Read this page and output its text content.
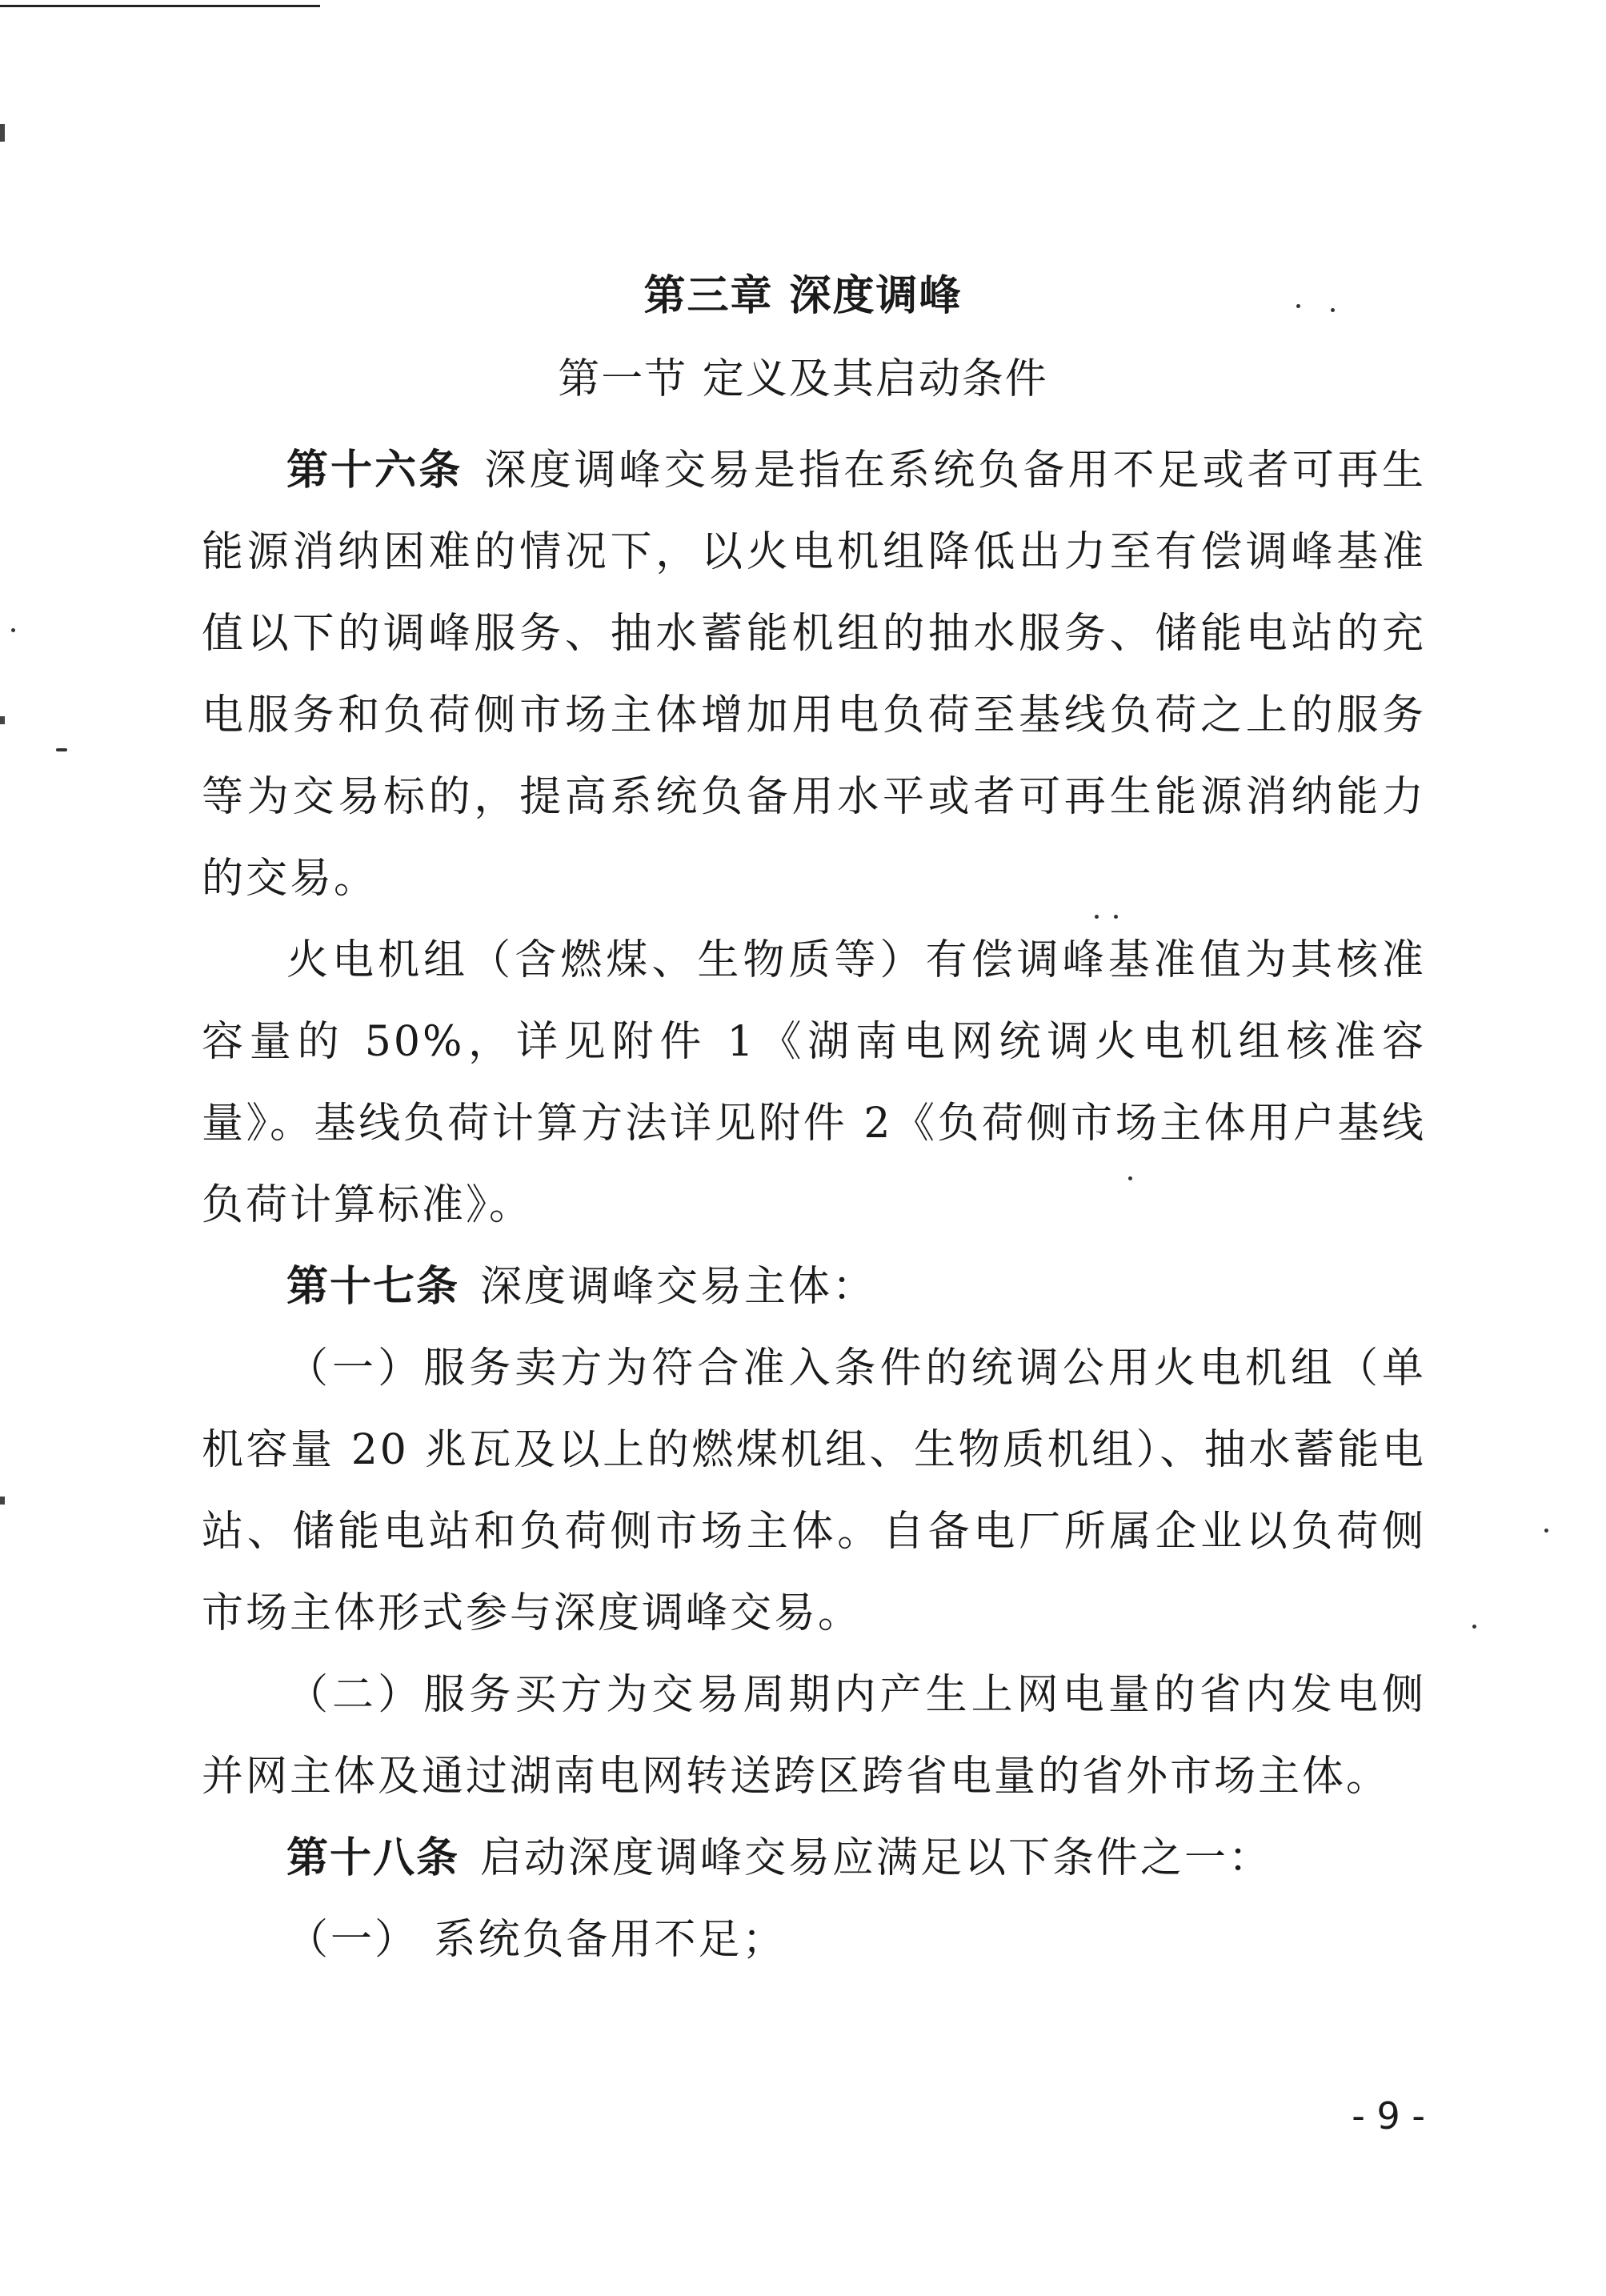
第三章 深度调峰
第一节 定义及其启动条件

第十六条 深度调峰交易是指在系统负备用不足或者可再生能源消纳困难的情况下，以火电机组降低出力至有偿调峰基准值以下的调峰服务、抽水蓄能机组的抽水服务、储能电站的充电服务和负荷侧市场主体增加用电负荷至基线负荷之上的服务等为交易标的，提高系统负备用水平或者可再生能源消纳能力的交易。

火电机组（含燃煤、生物质等）有偿调峰基准值为其核准容量的 50%，详见附件 1《湖南电网统调火电机组核准容量》。基线负荷计算方法详见附件 2《负荷侧市场主体用户基线负荷计算标准》。

第十七条 深度调峰交易主体：

（一）服务卖方为符合准入条件的统调公用火电机组（单机容量 20 兆瓦及以上的燃煤机组、生物质机组）、抽水蓄能电站、储能电站和负荷侧市场主体。自备电厂所属企业以负荷侧市场主体形式参与深度调峰交易。

（二）服务买方为交易周期内产生上网电量的省内发电侧并网主体及通过湖南电网转送跨区跨省电量的省外市场主体。

第十八条 启动深度调峰交易应满足以下条件之一：

（一） 系统负备用不足；

- 9 -
